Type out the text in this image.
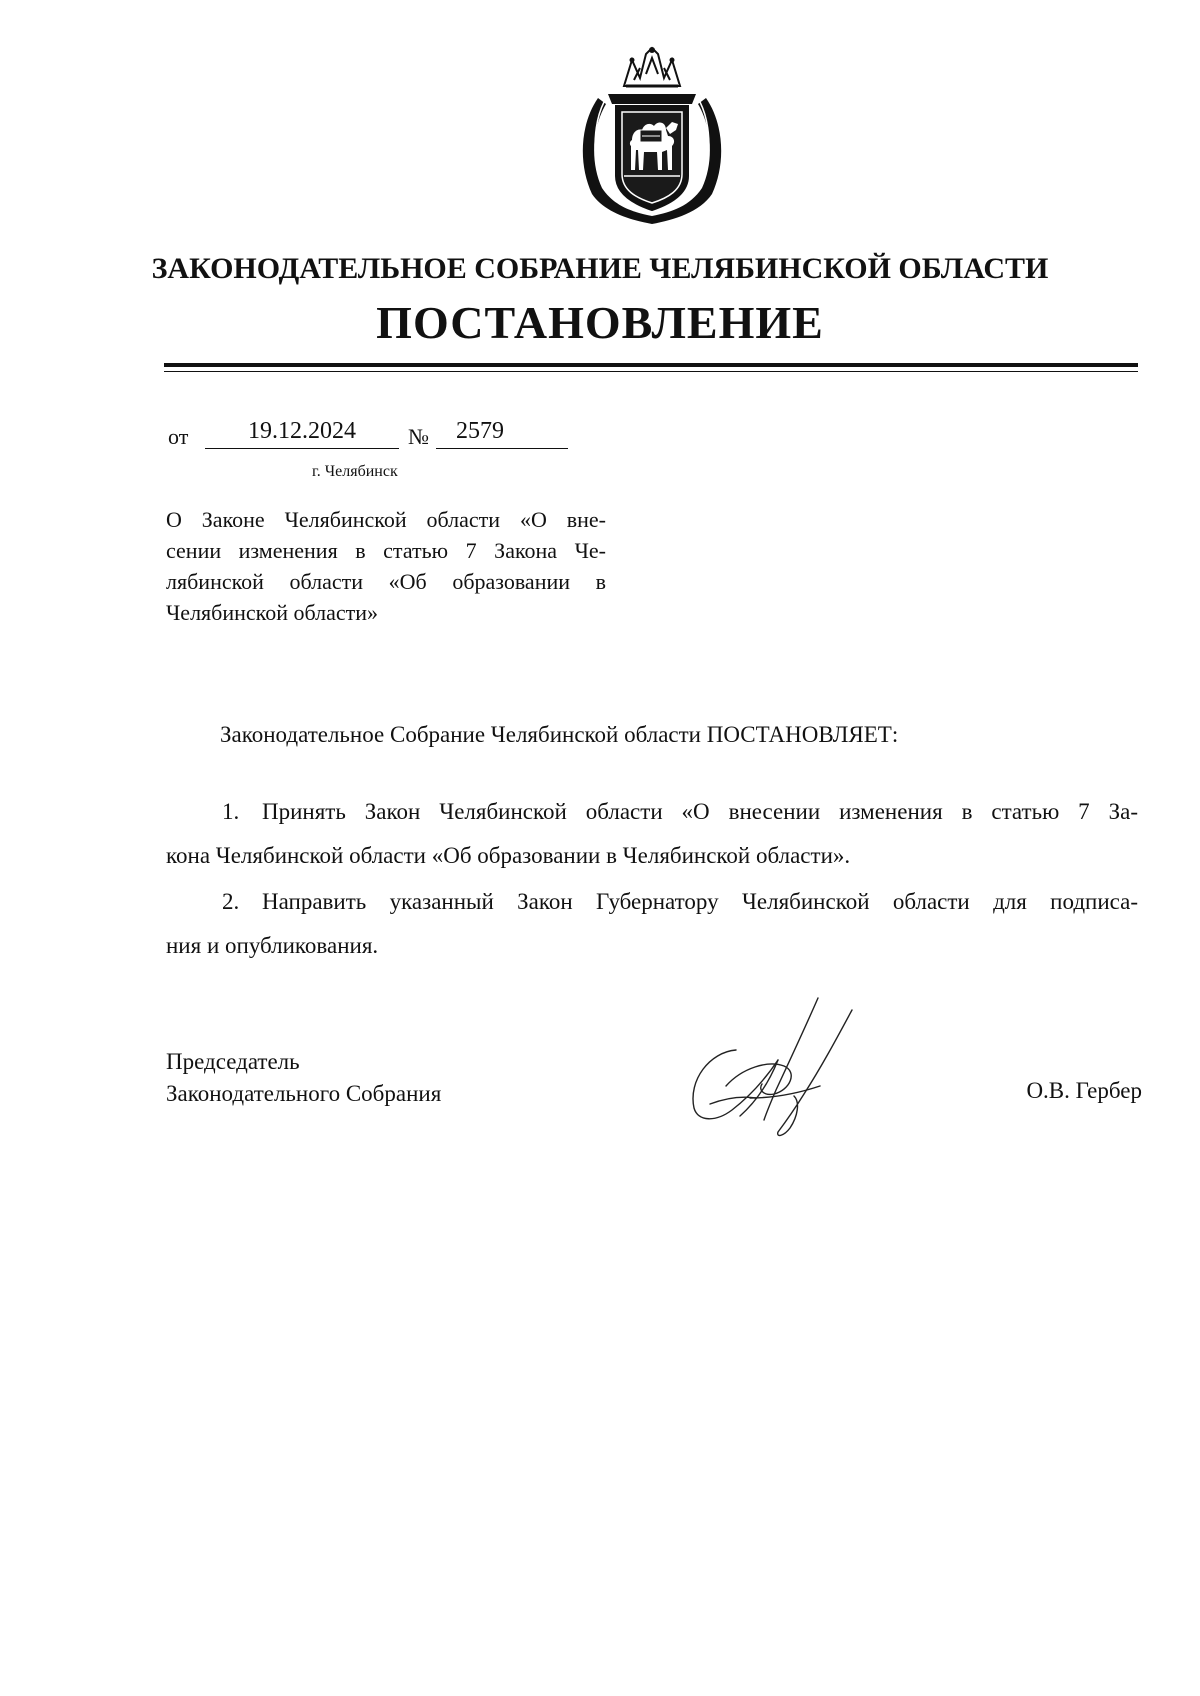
ЗАКОНОДАТЕЛЬНОЕ СОБРАНИЕ ЧЕЛЯБИНСКОЙ ОБЛАСТИ
ПОСТАНОВЛЕНИЕ
от	19.12.2024	№	2579
г. Челябинск
О Законе Челябинской области «О вне-
сении изменения в статью 7 Закона Че-
лябинской области «Об образовании в
Челябинской области»
Законодательное Собрание Челябинской области ПОСТАНОВЛЯЕТ:
1. Принять Закон Челябинской области «О внесении изменения в статью 7 За-
кона Челябинской области «Об образовании в Челябинской области».
2. Направить указанный Закон Губернатору Челябинской области для подписа-
ния и опубликования.
Председатель
Законодательного Собрания	О.В. Гербер
